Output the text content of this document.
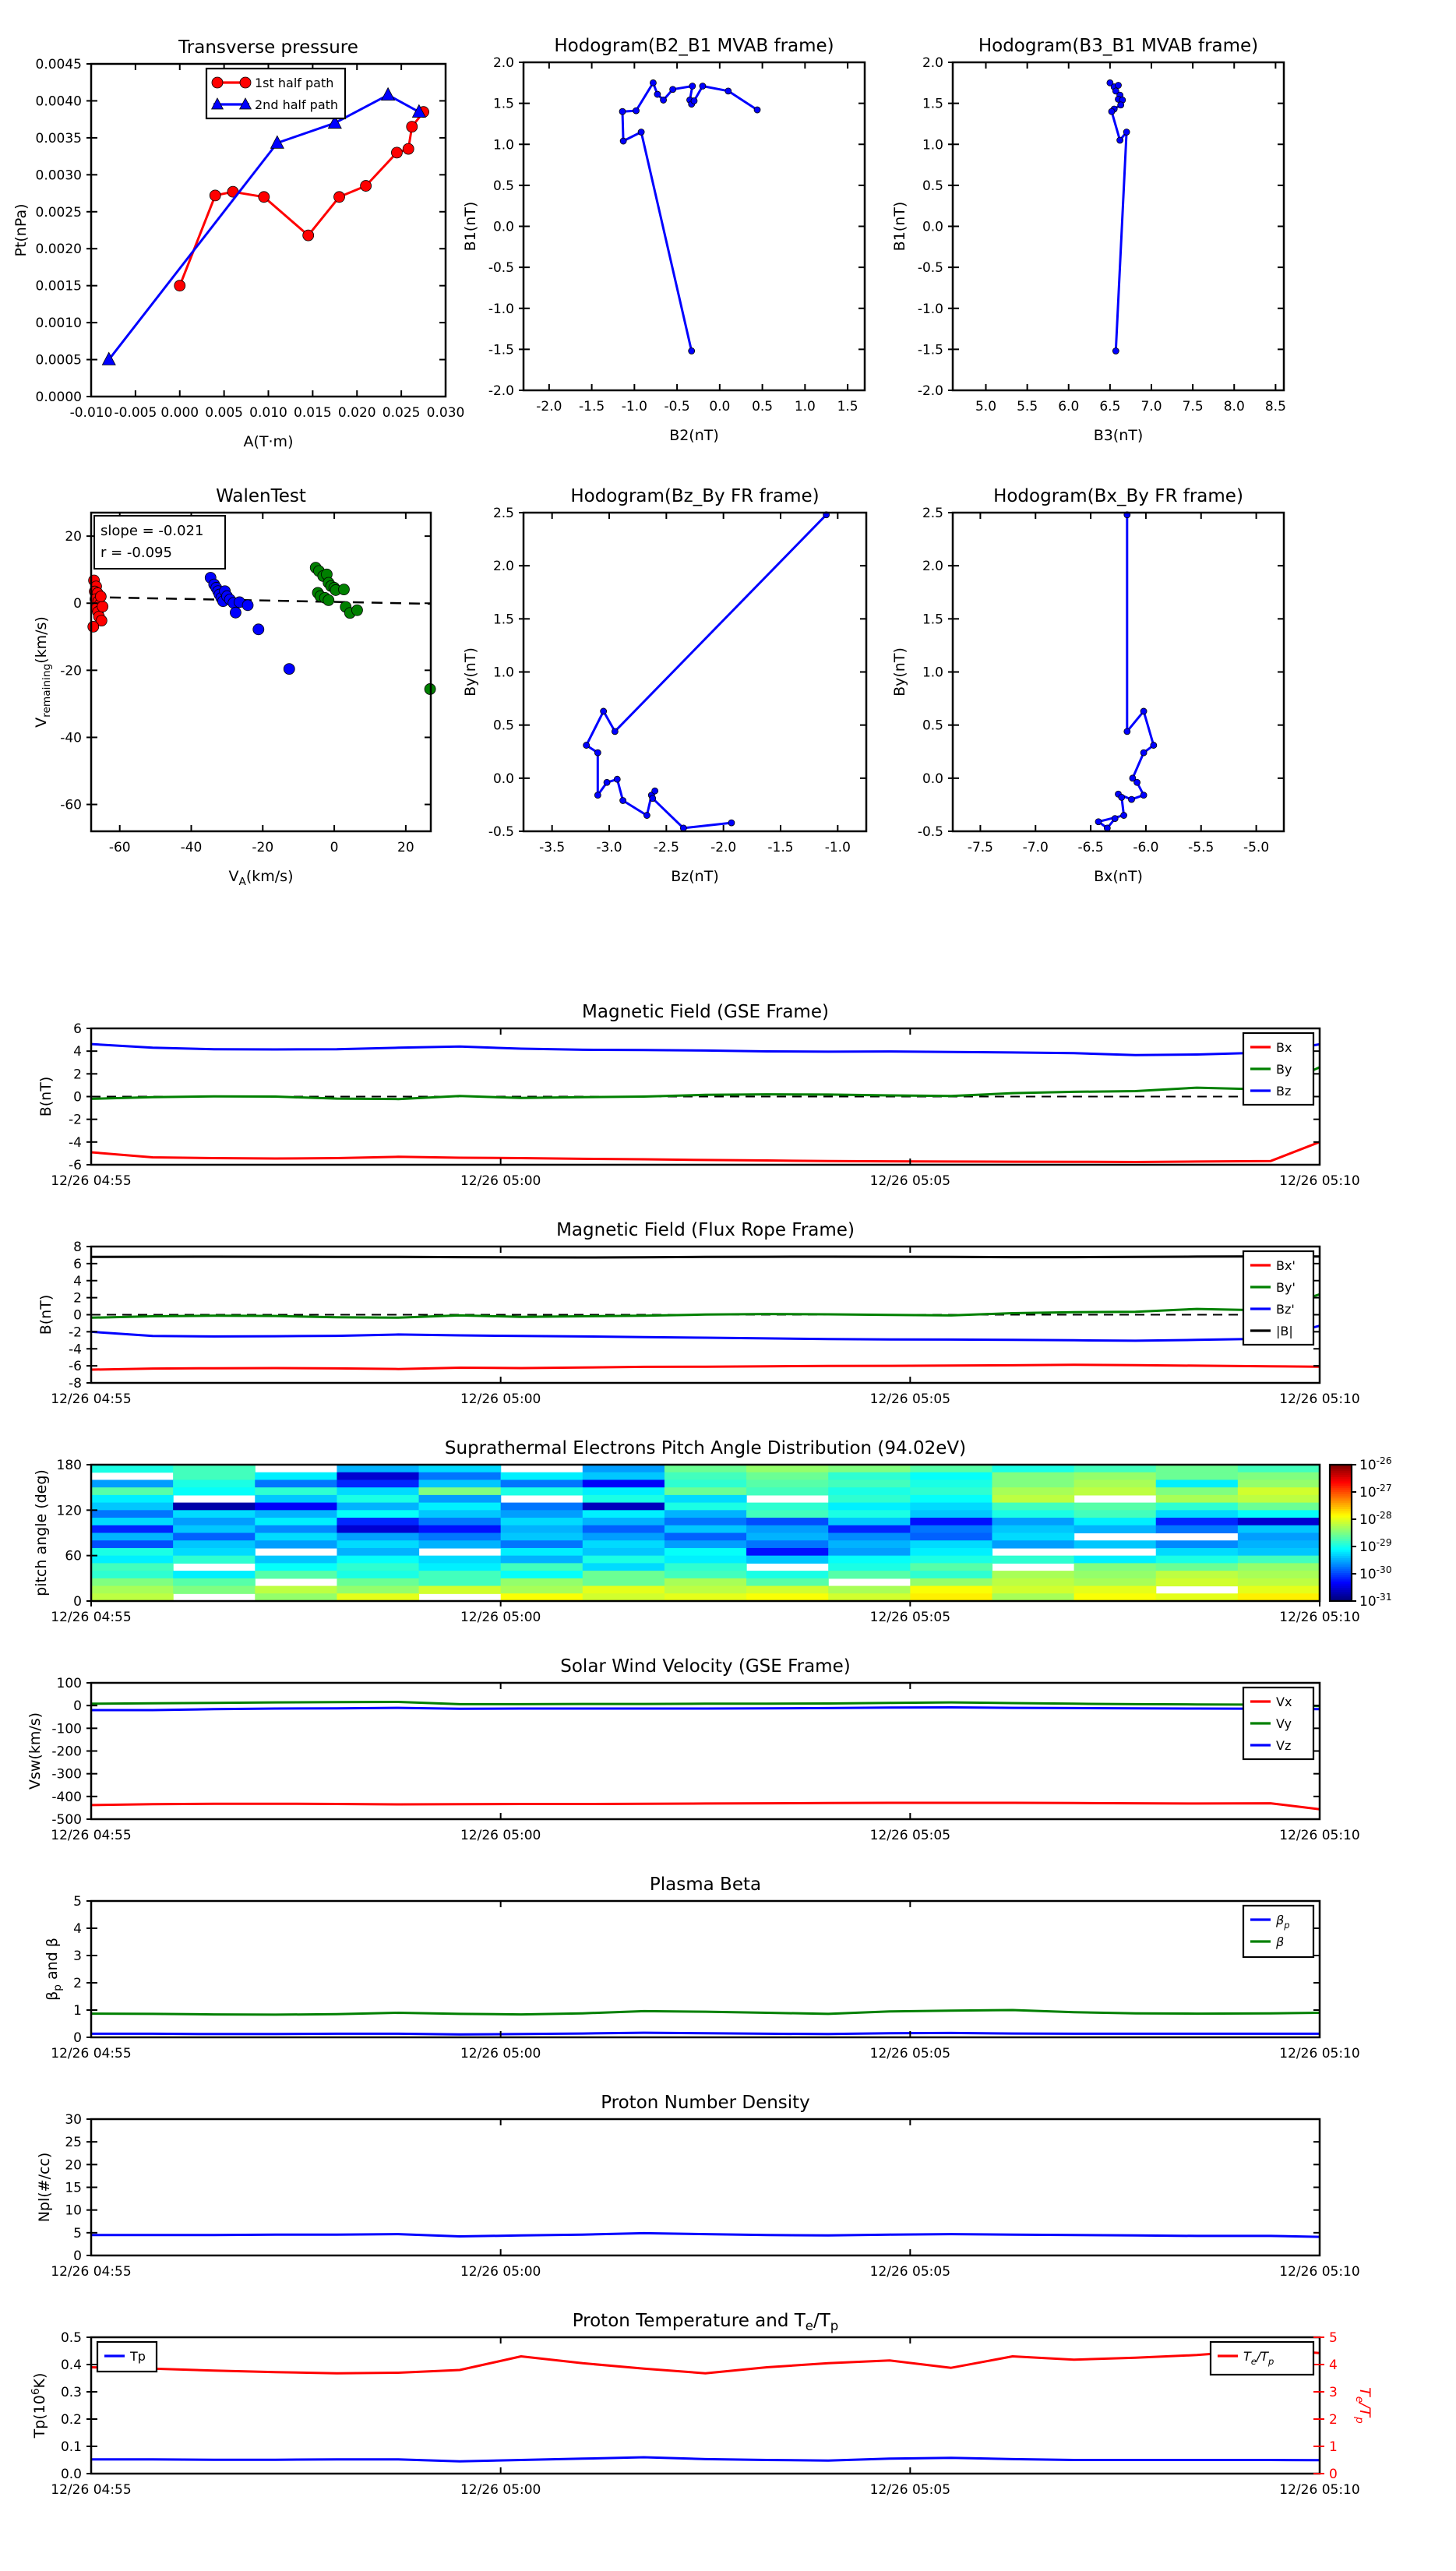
-0.010 -0.005 0.000 0.005 0.010 0.015 0.020 0.025 0.030
0.0000
0.0005
0.0010
0.0015
0.0020
0.0025
0.0030
0.0035
0.0040
0.0045
Transverse pressure
A(T·m)
Pt(nPa)
1st half path
2nd half path
-2.0 -1.5 -1.0 -0.5 0.0 0.5 1.0 1.5
-2.0
-1.5
-1.0
-0.5
0.0
0.5
1.0
1.5
2.0
Hodogram(B2_B1 MVAB frame)
B2(nT)
B1(nT)
5.0 5.5 6.0 6.5 7.0 7.5 8.0 8.5
-2.0
-1.5
-1.0
-0.5
0.0
0.5
1.0
1.5
2.0
Hodogram(B3_B1 MVAB frame)
B3(nT)
B1(nT)
-60	-40	-20	0	20
20
0
-20
-40
-60
WalenTest
$V_A(km/s)$
$V_{remaining}(km/s)$
slope = -0.021
r = -0.095
-3.5 -3.0 -2.5 -2.0 -1.5 -1.0
-0.5
0.0
0.5
1.0
1.5
2.0
2.5
Hodogram(Bz_By FR frame)
Bz(nT)
By(nT)
-7.5 -7.0 -6.5 -6.0 -5.5 -5.0
-0.5
0.0
0.5
1.0
1.5
2.0
2.5
Hodogram(Bx_By FR frame)
Bx(nT)
By(nT)
12/26 04:55	12/26 05:00	12/26 05:05	12/26 05:10
-6
-4
-2
0
2
4
6
Magnetic Field (GSE Frame)
B(nT)
Bx
By
Bz
12/26 04:55	12/26 05:00	12/26 05:05	12/26 05:10
-8
-6
-4
-2
0
2
4
6
8
Magnetic Field (Flux Rope Frame)
B(nT)
Bx'
By'
Bz'
|B|
12/26 04:55	12/26 05:00	12/26 05:05	12/26 05:10
0
60
120
180
Suprathermal Electrons Pitch Angle Distribution (94.02eV)
pitch angle (deg)
$10^{-26}$
$10^{-27}$
$10^{-28}$
$10^{-29}$
$10^{-30}$
$10^{-31}$
12/26 04:55	12/26 05:00	12/26 05:05	12/26 05:10
100
0
-100
-200
-300
-400
-500
Solar Wind Velocity (GSE Frame)
Vsw(km/s)
Vx
Vy
Vz
12/26 04:55	12/26 05:00	12/26 05:05	12/26 05:10
0
1
2
3
4
5
Plasma Beta
$\beta_p$ and β
$\beta_p$
β
12/26 04:55	12/26 05:00	12/26 05:05	12/26 05:10
0
5
10
15
20
25
30
Proton Number Density
Npl(#/cc)
12/26 04:55	12/26 05:00	12/26 05:05	12/26 05:10
0.0
0.1
0.2
0.3
0.4
0.5
0
1
2
3
4
5
$T_e/T_p$
Proton Temperature and $T_e/T_p$
$Tp(10^6K)$
Tp	$T_e/T_p$
